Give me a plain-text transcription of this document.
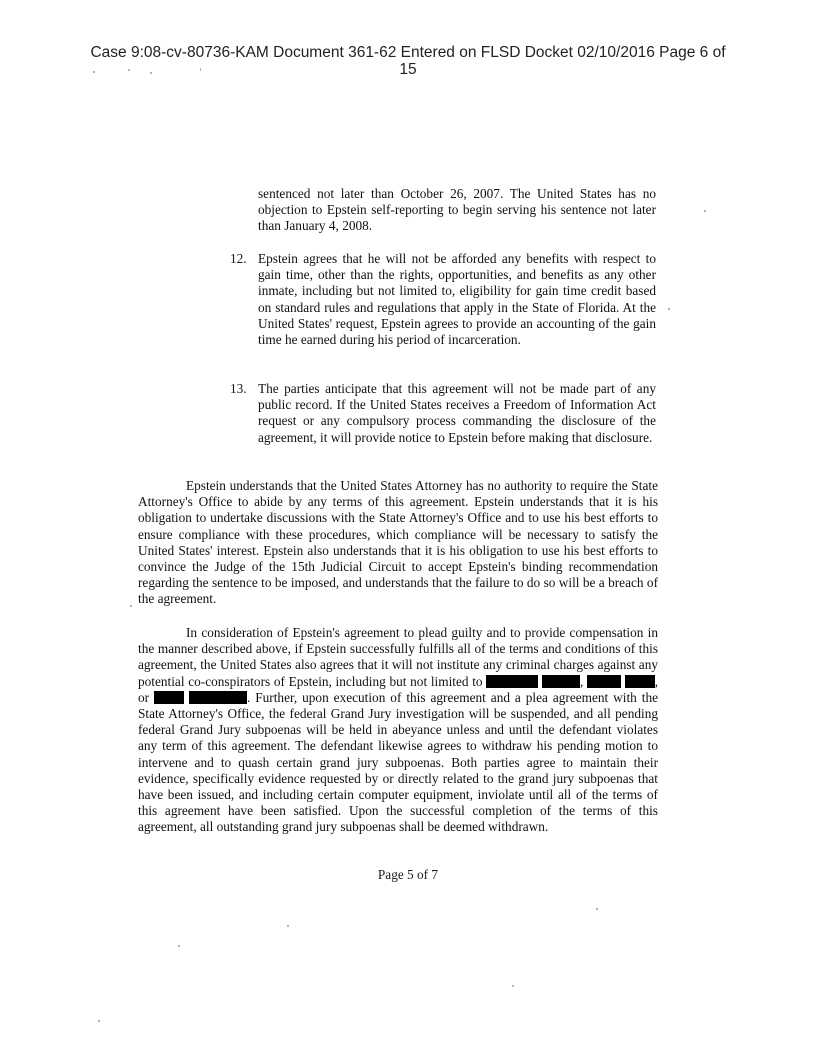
Case 9:08-cv-80736-KAM Document 361-62 Entered on FLSD Docket 02/10/2016 Page 6 of
15

sentenced not later than October 26, 2007. The United States has no objection to Epstein self-reporting to begin serving his sentence not later than January 4, 2008.

12. Epstein agrees that he will not be afforded any benefits with respect to gain time, other than the rights, opportunities, and benefits as any other inmate, including but not limited to, eligibility for gain time credit based on standard rules and regulations that apply in the State of Florida. At the United States' request, Epstein agrees to provide an accounting of the gain time he earned during his period of incarceration.

13. The parties anticipate that this agreement will not be made part of any public record. If the United States receives a Freedom of Information Act request or any compulsory process commanding the disclosure of the agreement, it will provide notice to Epstein before making that disclosure.

Epstein understands that the United States Attorney has no authority to require the State Attorney's Office to abide by any terms of this agreement. Epstein understands that it is his obligation to undertake discussions with the State Attorney's Office and to use his best efforts to ensure compliance with these procedures, which compliance will be necessary to satisfy the United States' interest. Epstein also understands that it is his obligation to use his best efforts to convince the Judge of the 15th Judicial Circuit to accept Epstein's binding recommendation regarding the sentence to be imposed, and understands that the failure to do so will be a breach of the agreement.

In consideration of Epstein's agreement to plead guilty and to provide compensation in the manner described above, if Epstein successfully fulfills all of the terms and conditions of this agreement, the United States also agrees that it will not institute any criminal charges against any potential co-conspirators of Epstein, including but not limited to	,	, or	. Further, upon execution of this agreement and a plea agreement with the State Attorney's Office, the federal Grand Jury investigation will be suspended, and all pending federal Grand Jury subpoenas will be held in abeyance unless and until the defendant violates any term of this agreement. The defendant likewise agrees to withdraw his pending motion to intervene and to quash certain grand jury subpoenas. Both parties agree to maintain their evidence, specifically evidence requested by or directly related to the grand jury subpoenas that have been issued, and including certain computer equipment, inviolate until all of the terms of this agreement have been satisfied. Upon the successful completion of the terms of this agreement, all outstanding grand jury subpoenas shall be deemed withdrawn.

Page 5 of 7
